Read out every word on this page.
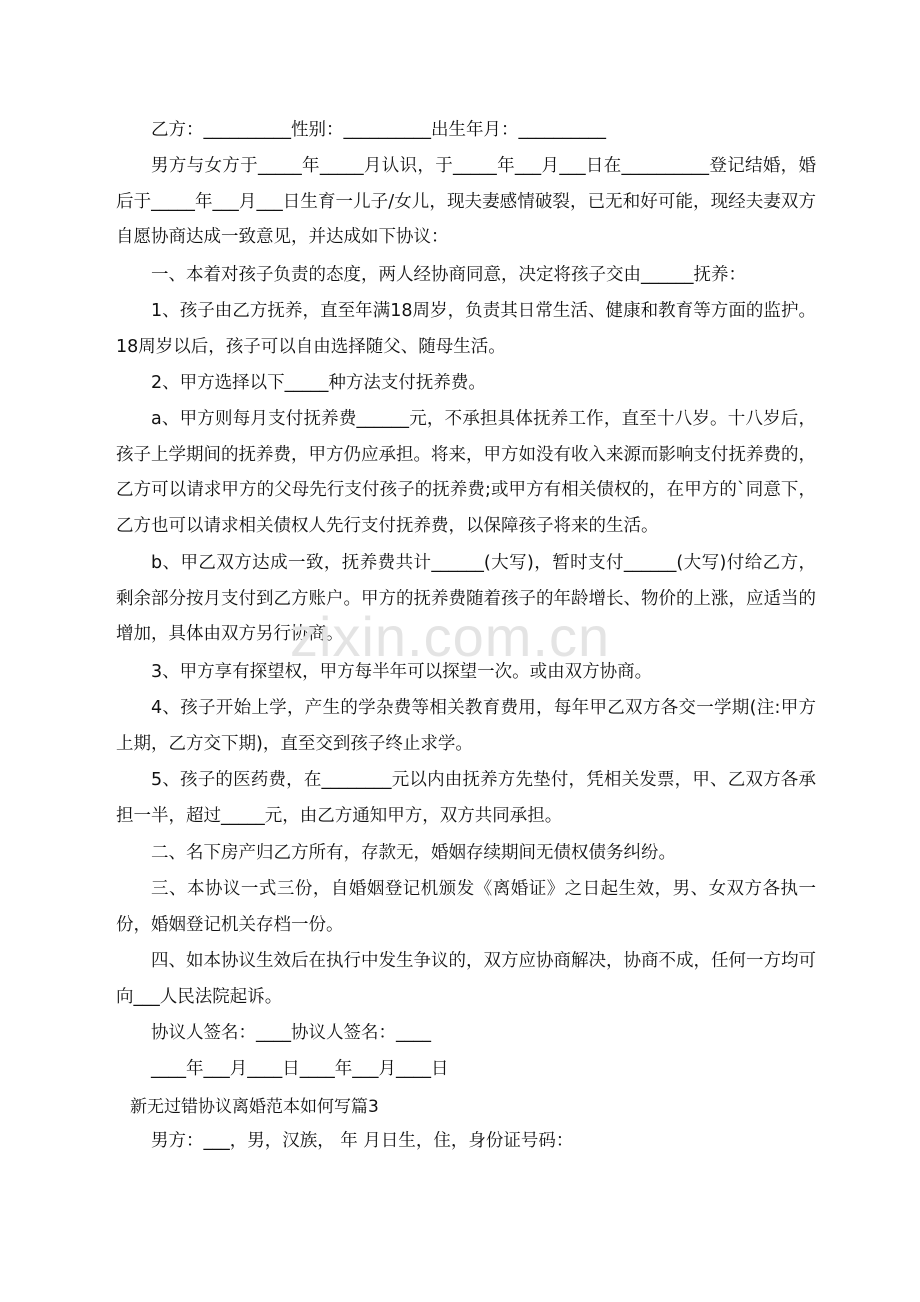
乙方：__________性别：__________出生年月：__________

男方与女方于_____年_____月认识，于_____年___月___日在__________登记结婚，婚后于_____年___月___日生育一儿子/女儿，现夫妻感情破裂，已无和好可能，现经夫妻双方自愿协商达成一致意见，并达成如下协议：

一、本着对孩子负责的态度，两人经协商同意，决定将孩子交由______抚养：

1、孩子由乙方抚养，直至年满18周岁，负责其日常生活、健康和教育等方面的监护。18周岁以后，孩子可以自由选择随父、随母生活。

2、甲方选择以下_____种方法支付抚养费。

a、甲方则每月支付抚养费______元，不承担具体抚养工作，直至十八岁。十八岁后，孩子上学期间的抚养费，甲方仍应承担。将来，甲方如没有收入来源而影响支付抚养费的，乙方可以请求甲方的父母先行支付孩子的抚养费;或甲方有相关债权的，在甲方的`同意下，乙方也可以请求相关债权人先行支付抚养费，以保障孩子将来的生活。

b、甲乙双方达成一致，抚养费共计______(大写)，暂时支付______(大写)付给乙方，剩余部分按月支付到乙方账户。甲方的抚养费随着孩子的年龄增长、物价的上涨，应适当的增加，具体由双方另行协商。

3、甲方享有探望权，甲方每半年可以探望一次。或由双方协商。

4、孩子开始上学，产生的学杂费等相关教育费用，每年甲乙双方各交一学期(注:甲方上期，乙方交下期)，直至交到孩子终止求学。

5、孩子的医药费，在________元以内由抚养方先垫付，凭相关发票，甲、乙双方各承担一半，超过_____元，由乙方通知甲方，双方共同承担。

二、名下房产归乙方所有，存款无，婚姻存续期间无债权债务纠纷。

三、本协议一式三份，自婚姻登记机颁发《离婚证》之日起生效，男、女双方各执一份，婚姻登记机关存档一份。

四、如本协议生效后在执行中发生争议的，双方应协商解决，协商不成，任何一方均可向___人民法院起诉。

协议人签名：____协议人签名：____

____年___月____日____年___月____日

新无过错协议离婚范本如何写篇3

男方：___，男，汉族， 年 月日生，住，身份证号码：

zixin.com.cn
